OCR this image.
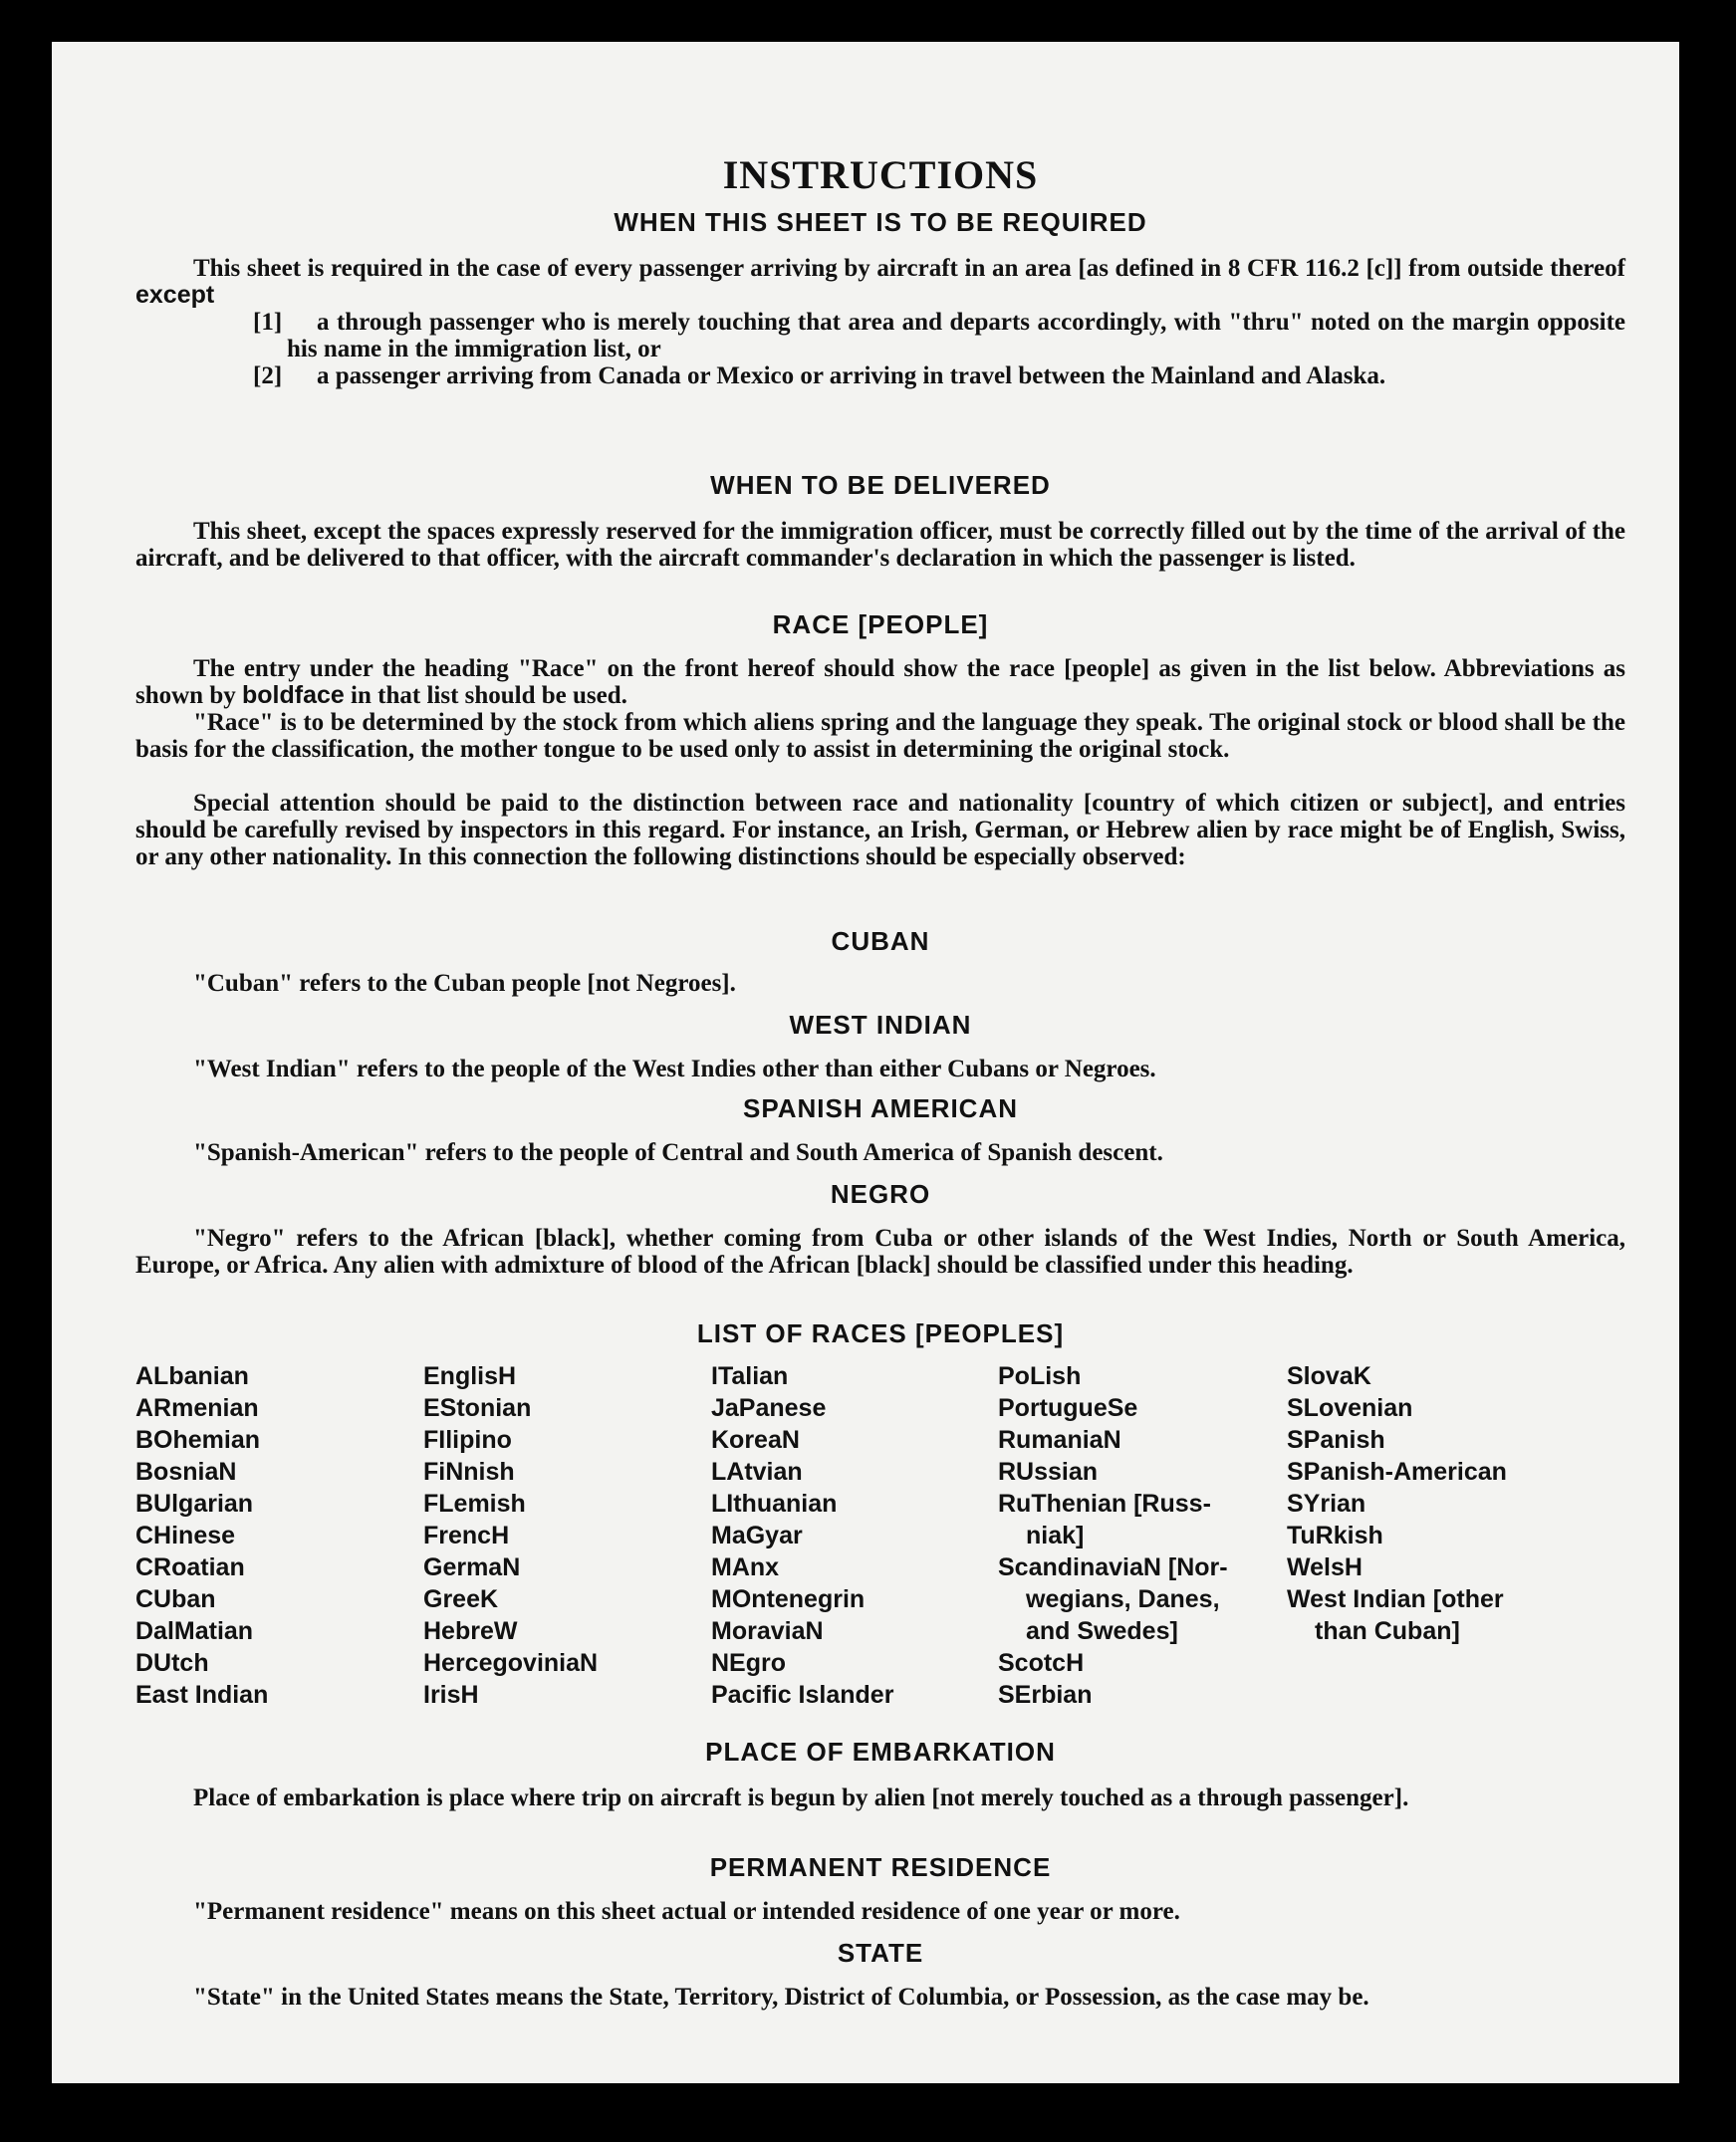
INSTRUCTIONS
WHEN THIS SHEET IS TO BE REQUIRED
This sheet is required in the case of every passenger arriving by aircraft in an area [as defined in 8 CFR 116.2 [c]] from outside thereof except
[1]	a through passenger who is merely touching that area and departs accordingly, with "thru" noted on the margin opposite his name in the immigration list, or
[2]	a passenger arriving from Canada or Mexico or arriving in travel between the Mainland and Alaska.
WHEN TO BE DELIVERED
This sheet, except the spaces expressly reserved for the immigration officer, must be correctly filled out by the time of the arrival of the aircraft, and be delivered to that officer, with the aircraft commander's declaration in which the passenger is listed.
RACE [PEOPLE]
The entry under the heading "Race" on the front hereof should show the race [people] as given in the list below. Abbreviations as shown by boldface in that list should be used.
"Race" is to be determined by the stock from which aliens spring and the language they speak. The original stock or blood shall be the basis for the classification, the mother tongue to be used only to assist in determining the original stock.
Special attention should be paid to the distinction between race and nationality [country of which citizen or subject], and entries should be carefully revised by inspectors in this regard. For instance, an Irish, German, or Hebrew alien by race might be of English, Swiss, or any other nationality. In this connection the following distinctions should be especially observed:
CUBAN
"Cuban" refers to the Cuban people [not Negroes].
WEST INDIAN
"West Indian" refers to the people of the West Indies other than either Cubans or Negroes.
SPANISH AMERICAN
"Spanish-American" refers to the people of Central and South America of Spanish descent.
NEGRO
"Negro" refers to the African [black], whether coming from Cuba or other islands of the West Indies, North or South America, Europe, or Africa. Any alien with admixture of blood of the African [black] should be classified under this heading.
LIST OF RACES [PEOPLES]
ALbanian
ARmenian
BOhemian
BosniaN
BUlgarian
CHinese
CRoatian
CUban
DalMatian
DUtch
East Indian
EnglisH
EStonian
FIlipino
FiNnish
FLemish
FrencH
GermaN
GreeK
HebreW
HercegoviniaN
IrisH
ITalian
JaPanese
KoreaN
LAtvian
LIthuanian
MaGyar
MAnx
MOntenegrin
MoraviaN
NEgro
Pacific Islander
PoLish
PortugueSe
RumaniaN
RUssian
RuThenian [Russ-
niak]
ScandinaviaN [Nor-
wegians, Danes,
and Swedes]
ScotcH
SErbian
SlovaK
SLovenian
SPanish
SPanish-American
SYrian
TuRkish
WelsH
West Indian [other
than Cuban]
PLACE OF EMBARKATION
Place of embarkation is place where trip on aircraft is begun by alien [not merely touched as a through passenger].
PERMANENT RESIDENCE
"Permanent residence" means on this sheet actual or intended residence of one year or more.
STATE
"State" in the United States means the State, Territory, District of Columbia, or Possession, as the case may be.
